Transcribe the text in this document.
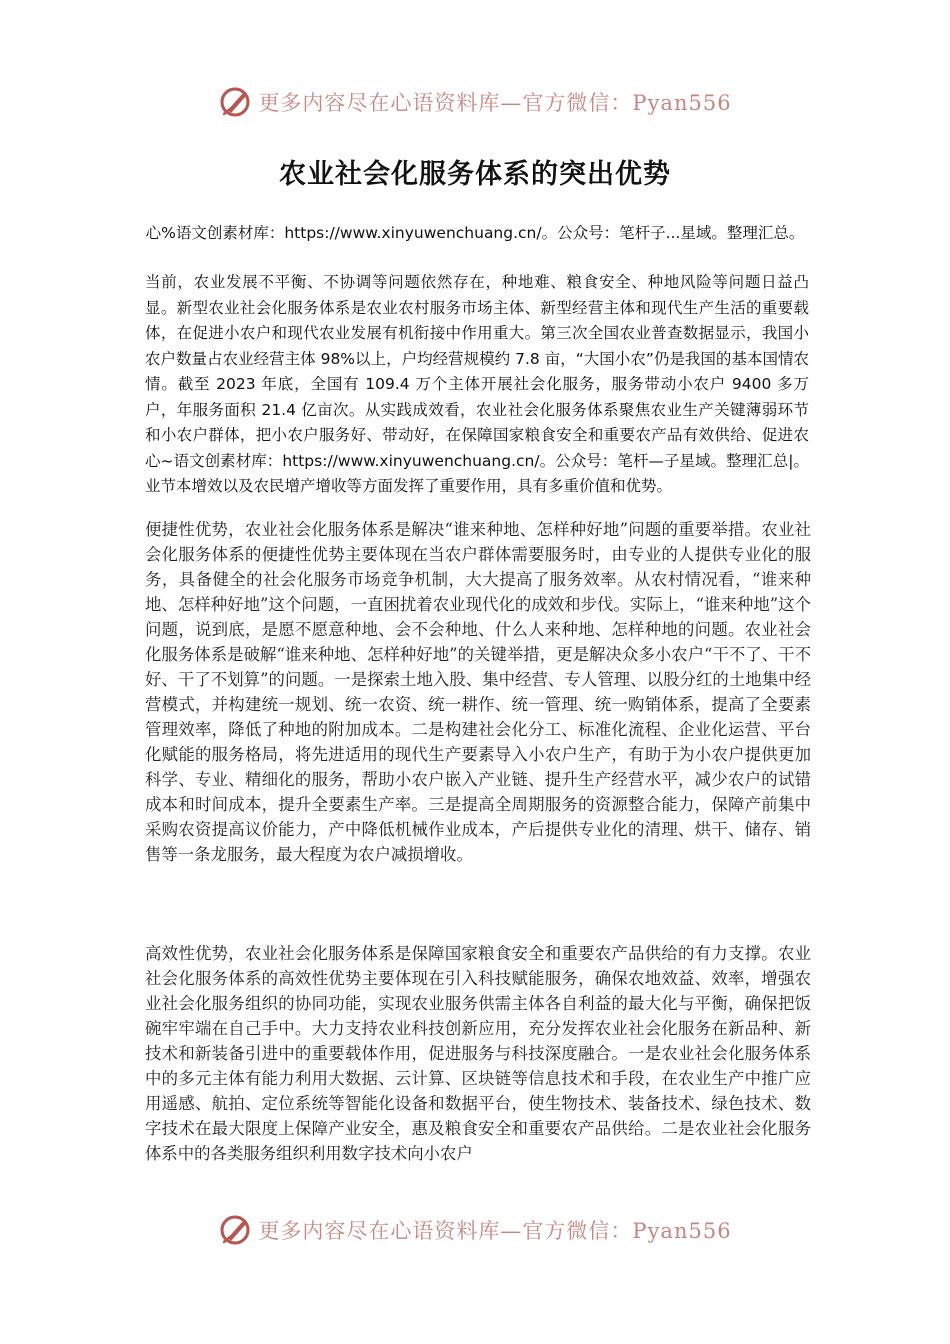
更多内容尽在心语资料库—官方微信：Pyan556
农业社会化服务体系的突出优势
心%语文创素材库：https://www.xinyuwenchuang.cn/。公众号：笔杆子...星域。整理汇总。
当前，农业发展不平衡、不协调等问题依然存在，种地难、粮食安全、种地风险等问题日益凸显。新型农业社会化服务体系是农业农村服务市场主体、新型经营主体和现代生产生活的重要载体，在促进小农户和现代农业发展有机衔接中作用重大。第三次全国农业普查数据显示，我国小农户数量占农业经营主体 98%以上，户均经营规模约 7.8 亩，“大国小农”仍是我国的基本国情农情。截至 2023 年底，全国有 109.4 万个主体开展社会化服务，服务带动小农户 9400 多万户，年服务面积 21.4 亿亩次。从实践成效看，农业社会化服务体系聚焦农业生产关键薄弱环节和小农户群体，把小农户服务好、带动好，在保障国家粮食安全和重要农产品有效供给、促进农心~语文创素材库：https://www.xinyuwenchuang.cn/。公众号：笔杆—子星域。整理汇总|。业节本增效以及农民增产增收等方面发挥了重要作用，具有多重价值和优势。
便捷性优势，农业社会化服务体系是解决“谁来种地、怎样种好地”问题的重要举措。农业社会化服务体系的便捷性优势主要体现在当农户群体需要服务时，由专业的人提供专业化的服务，具备健全的社会化服务市场竞争机制，大大提高了服务效率。从农村情况看，“谁来种地、怎样种好地”这个问题，一直困扰着农业现代化的成效和步伐。实际上，“谁来种地”这个问题，说到底，是愿不愿意种地、会不会种地、什么人来种地、怎样种地的问题。农业社会化服务体系是破解“谁来种地、怎样种好地”的关键举措，更是解决众多小农户“干不了、干不好、干了不划算”的问题。一是探索土地入股、集中经营、专人管理、以股分红的土地集中经营模式，并构建统一规划、统一农资、统一耕作、统一管理、统一购销体系，提高了全要素管理效率，降低了种地的附加成本。二是构建社会化分工、标准化流程、企业化运营、平台化赋能的服务格局，将先进适用的现代生产要素导入小农户生产，有助于为小农户提供更加科学、专业、精细化的服务，帮助小农户嵌入产业链、提升生产经营水平，减少农户的试错成本和时间成本，提升全要素生产率。三是提高全周期服务的资源整合能力，保障产前集中采购农资提高议价能力，产中降低机械作业成本，产后提供专业化的清理、烘干、储存、销售等一条龙服务，最大程度为农户减损增收。
高效性优势，农业社会化服务体系是保障国家粮食安全和重要农产品供给的有力支撑。农业社会化服务体系的高效性优势主要体现在引入科技赋能服务，确保农地效益、效率，增强农业社会化服务组织的协同功能，实现农业服务供需主体各自利益的最大化与平衡，确保把饭碗牢牢端在自己手中。大力支持农业科技创新应用，充分发挥农业社会化服务在新品种、新技术和新装备引进中的重要载体作用，促进服务与科技深度融合。一是农业社会化服务体系中的多元主体有能力利用大数据、云计算、区块链等信息技术和手段，在农业生产中推广应用遥感、航拍、定位系统等智能化设备和数据平台，使生物技术、装备技术、绿色技术、数字技术在最大限度上保障产业安全，惠及粮食安全和重要农产品供给。二是农业社会化服务体系中的各类服务组织利用数字技术向小农户
更多内容尽在心语资料库—官方微信：Pyan556
